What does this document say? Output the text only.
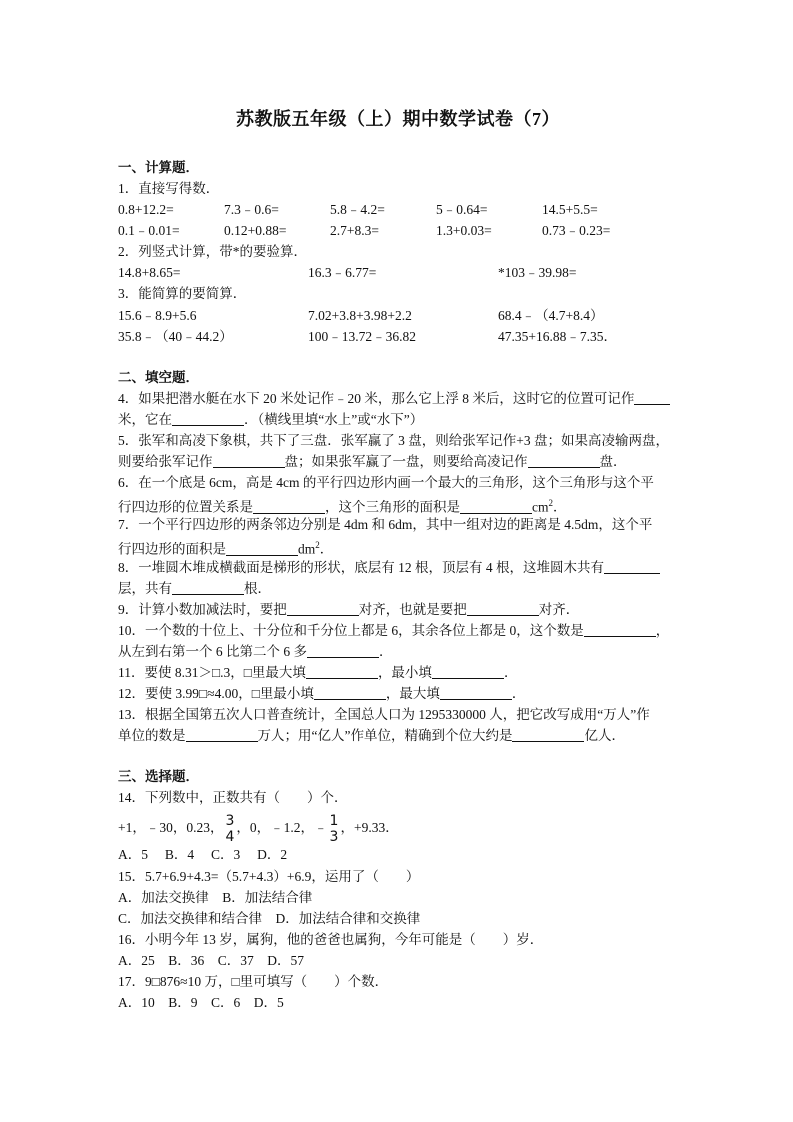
苏教版五年级（上）期中数学试卷（7）
一、计算题．
1．直接写得数．
0.8+12.2=	7.3﹣0.6=	5.8﹣4.2=	5﹣0.64=	14.5+5.5=
0.1﹣0.01=	0.12+0.88=	2.7+8.3=	1.3+0.03=	0.73﹣0.23=
2．列竖式计算，带*的要验算．
14.8+8.65=	16.3﹣6.77=	*103﹣39.98=
3．能简算的要简算．
15.6﹣8.9+5.6	7.02+3.8+3.98+2.2	68.4﹣（4.7+8.4）
35.8﹣（40﹣44.2）	100﹣13.72﹣36.82	47.35+16.88﹣7.35．
二、填空题．
4．如果把潜水艇在水下 20 米处记作﹣20 米，那么它上浮 8 米后，这时它的位置可记作
米，它在	．（横线里填“水上”或“水下”）
5．张军和高凌下象棋，共下了三盘．张军赢了 3 盘，则给张军记作+3 盘；如果高凌输两盘，
则要给张军记作	盘；如果张军赢了一盘，则要给高凌记作	盘．
6．在一个底是 6cm，高是 4cm 的平行四边形内画一个最大的三角形，这个三角形与这个平
行四边形的位置关系是	，这个三角形的面积是	$cm^2$．
7．一个平行四边形的两条邻边分别是 4dm 和 6dm，其中一组对边的距离是 4.5dm，这个平
行四边形的面积是	$dm^2$．
8．一堆圆木堆成横截面是梯形的形状，底层有 12 根，顶层有 4 根，这堆圆木共有
层，共有	根．
9．计算小数加减法时，要把	对齐，也就是要把	对齐．
10．一个数的十位上、十分位和千分位上都是 6，其余各位上都是 0，这个数是	，
从左到右第一个 6 比第二个 6 多	．
11．要使 8.31＞□.3，□里最大填	，最小填	．
12．要使 3.99□≈4.00，□里最小填	，最大填	．
13．根据全国第五次人口普查统计，全国总人口为 1295330000 人，把它改写成用“万人”作
单位的数是	万人；用“亿人”作单位，精确到个位大约是	亿人．
三、选择题．
14．下列数中，正数共有（　　）个．
+1，﹣30，0.23， 3
4
，0，﹣1.2，﹣ 1
3
，+9.33．
A．5　 B．4　 C．3　 D．2
15．5.7+6.9+4.3=（5.7+4.3）+6.9，运用了（　　）
A．加法交换律　B．加法结合律
C．加法交换律和结合律　D．加法结合律和交换律
16．小明今年 13 岁，属狗，他的爸爸也属狗，今年可能是（　　）岁．
A．25　B．36　C．37　D．57
17．9□876≈10 万，□里可填写（　　）个数．
A．10　B．9　C．6　D．5
